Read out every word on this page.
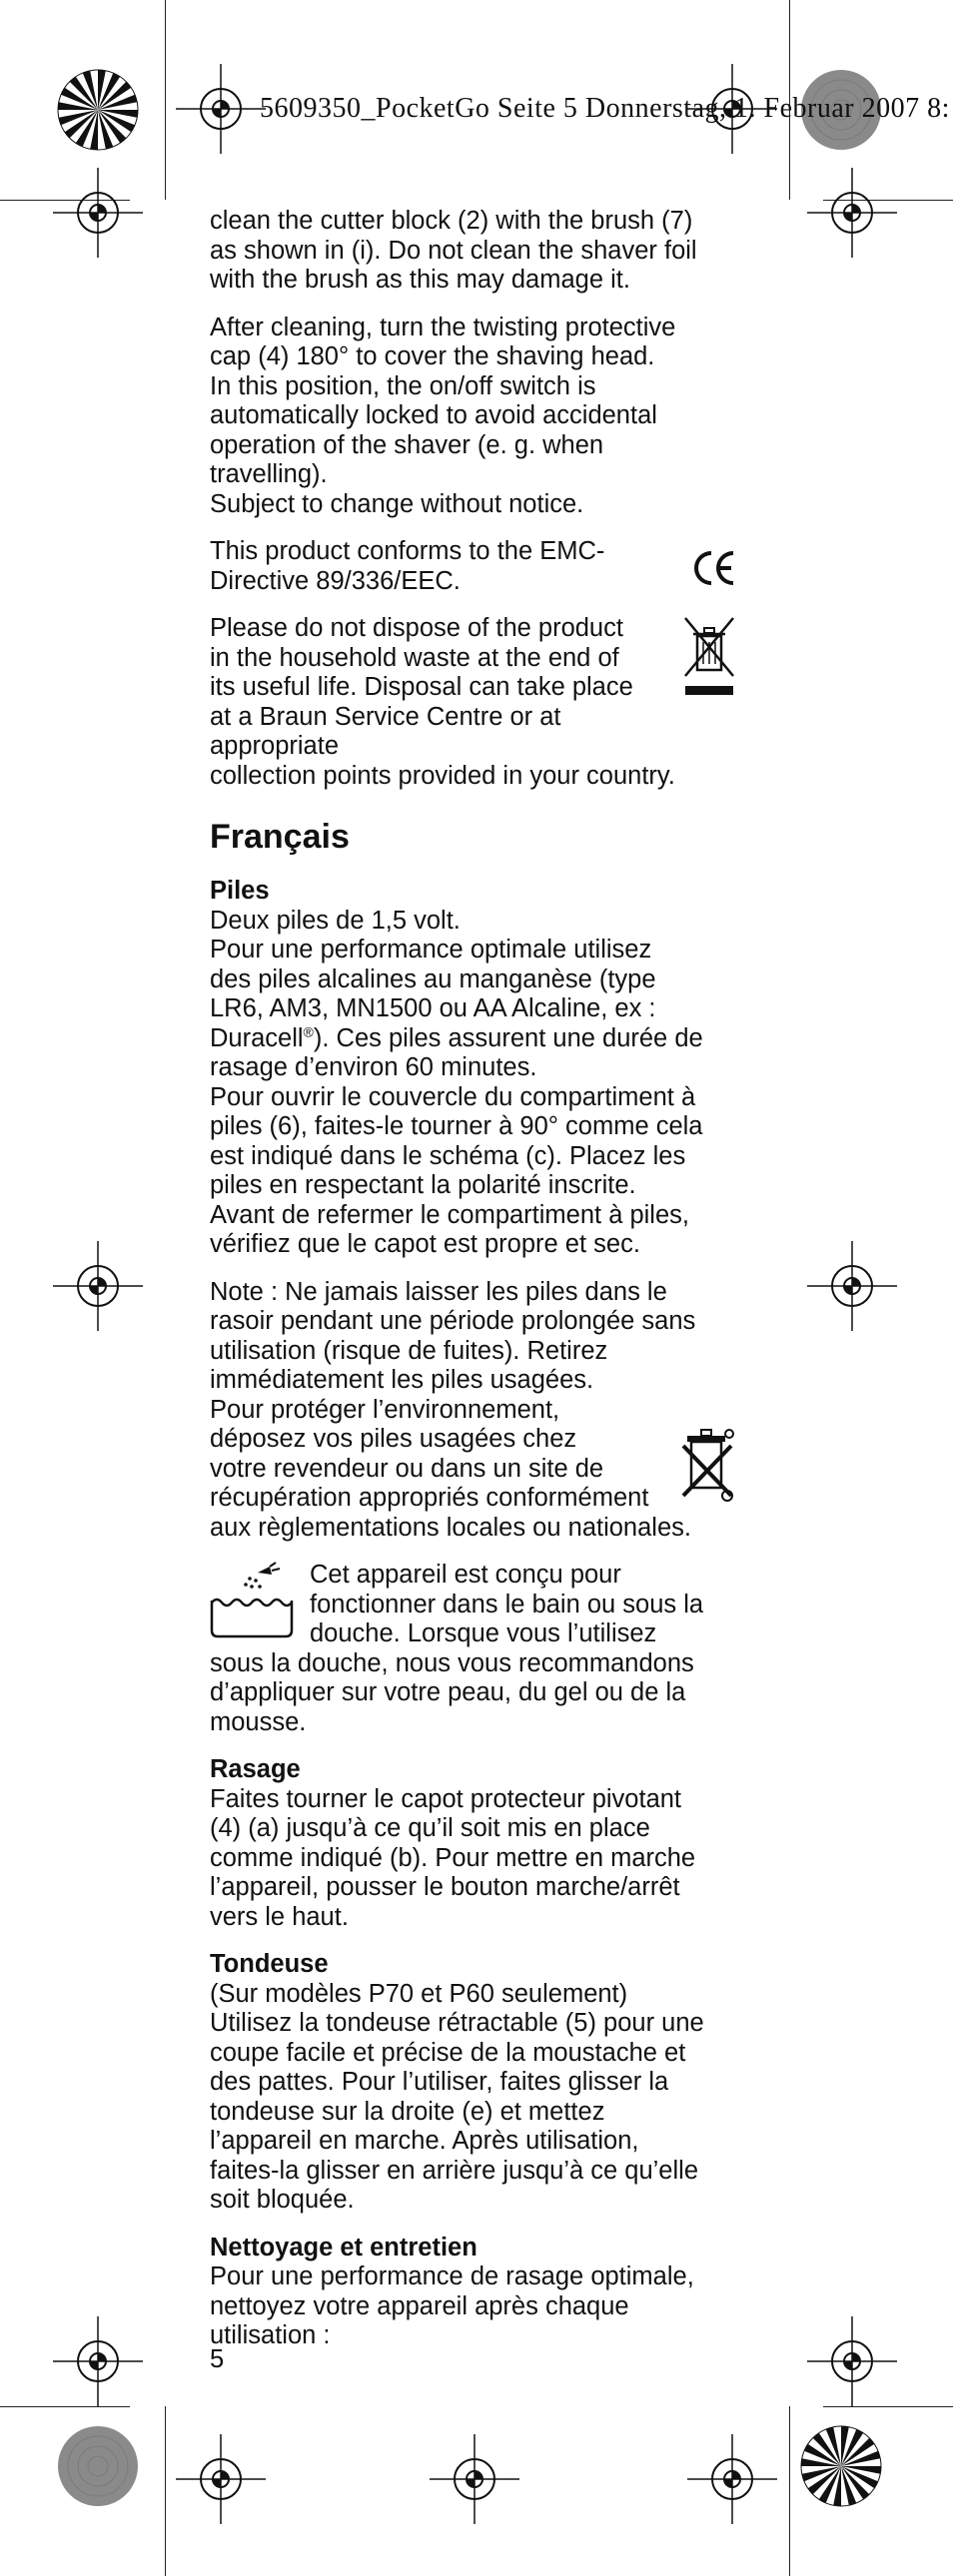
5609350_PocketGo Seite 5 Donnerstag, 1. Februar 2007 8:

clean the cutter block (2) with the brush (7)
as shown in (i). Do not clean the shaver foil
with the brush as this may damage it.

After cleaning, turn the twisting protective
cap (4) 180° to cover the shaving head.
In this position, the on/off switch is
automatically locked to avoid accidental
operation of the shaver (e. g. when
travelling).
Subject to change without notice.

This product conforms to the EMC-
Directive 89/336/EEC.

Please do not dispose of the product
in the household waste at the end of
its useful life. Disposal can take place
at a Braun Service Centre or at appropriate
collection points provided in your country.

Français

Piles
Deux piles de 1,5 volt.
Pour une performance optimale utilisez
des piles alcalines au manganèse (type
LR6, AM3, MN1500 ou AA Alcaline, ex :
Duracell®). Ces piles assurent une durée de
rasage d’environ 60 minutes.
Pour ouvrir le couvercle du compartiment à
piles (6), faites-le tourner à 90° comme cela
est indiqué dans le schéma (c). Placez les
piles en respectant la polarité inscrite.
Avant de refermer le compartiment à piles,
vérifiez que le capot est propre et sec.

Note : Ne jamais laisser les piles dans le
rasoir pendant une période prolongée sans
utilisation (risque de fuites). Retirez
immédiatement les piles usagées.
Pour protéger l’environnement,
déposez vos piles usagées chez
votre revendeur ou dans un site de
récupération appropriés conformément
aux règlementations locales ou nationales.

Cet appareil est conçu pour
fonctionner dans le bain ou sous la
douche. Lorsque vous l’utilisez
sous la douche, nous vous recommandons
d’appliquer sur votre peau, du gel ou de la
mousse.

Rasage
Faites tourner le capot protecteur pivotant
(4) (a) jusqu’à ce qu’il soit mis en place
comme indiqué (b). Pour mettre en marche
l’appareil, pousser le bouton marche/arrêt
vers le haut.

Tondeuse
(Sur modèles P70 et P60 seulement)
Utilisez la tondeuse rétractable (5) pour une
coupe facile et précise de la moustache et
des pattes. Pour l’utiliser, faites glisser la
tondeuse sur la droite (e) et mettez
l’appareil en marche. Après utilisation,
faites-la glisser en arrière jusqu’à ce qu’elle
soit bloquée.

Nettoyage et entretien
Pour une performance de rasage optimale,
nettoyez votre appareil après chaque
utilisation :

5
